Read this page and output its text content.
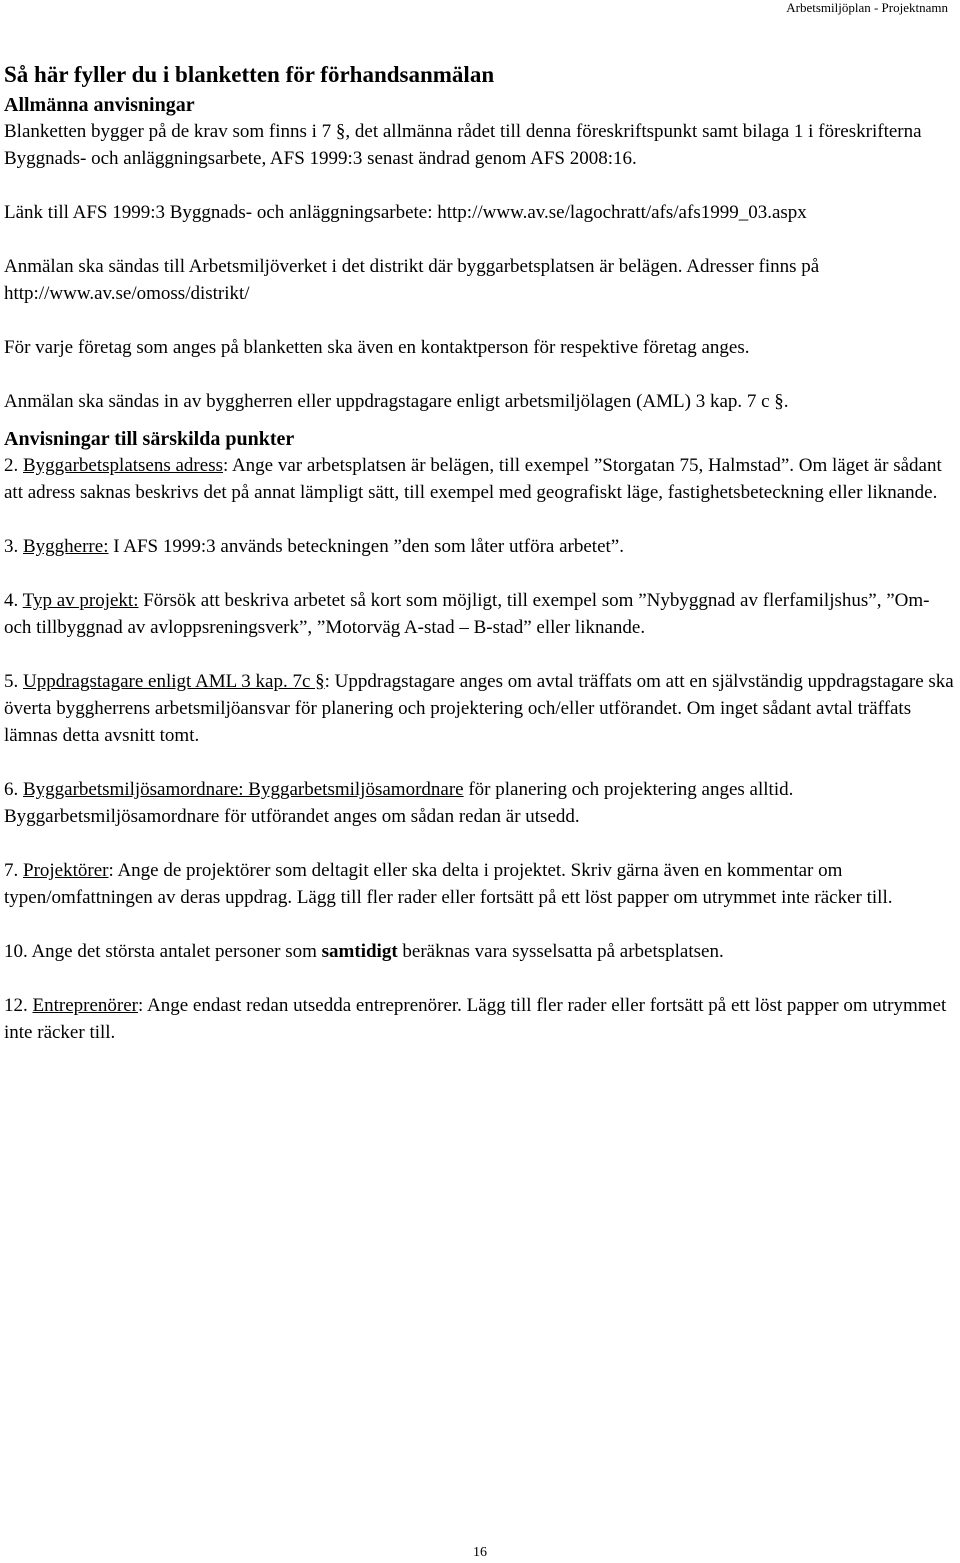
Arbetsmiljöplan - Projektnamn
Så här fyller du i blanketten för förhandsanmälan

Allmänna anvisningar

Blanketten bygger på de krav som finns i 7 §, det allmänna rådet till denna föreskriftspunkt samt bilaga 1 i föreskrifterna Byggnads- och anläggningsarbete, AFS 1999:3 senast ändrad genom AFS 2008:16.

Länk till AFS 1999:3 Byggnads- och anläggningsarbete: http://www.av.se/lagochratt/afs/afs1999_03.aspx

Anmälan ska sändas till Arbetsmiljöverket i det distrikt där byggarbetsplatsen är belägen. Adresser finns på http://www.av.se/omoss/distrikt/

För varje företag som anges på blanketten ska även en kontaktperson för respektive företag anges.

Anmälan ska sändas in av byggherren eller uppdragstagare enligt arbetsmiljölagen (AML) 3 kap. 7 c §.

Anvisningar till särskilda punkter

2. Byggarbetsplatsens adress: Ange var arbetsplatsen är belägen, till exempel ”Storgatan 75, Halmstad”. Om läget är sådant att adress saknas beskrivs det på annat lämpligt sätt, till exempel med geografiskt läge, fastighetsbeteckning eller liknande.

3. Byggherre: I AFS 1999:3 används beteckningen ”den som låter utföra arbetet”.

4. Typ av projekt: Försök att beskriva arbetet så kort som möjligt, till exempel som ”Nybyggnad av flerfamiljshus”, ”Om- och tillbyggnad av avloppsreningsverk”, ”Motorväg A-stad – B-stad” eller liknande.

5. Uppdragstagare enligt AML 3 kap. 7c §: Uppdragstagare anges om avtal träffats om att en självständig uppdragstagare ska överta byggherrens arbetsmiljöansvar för planering och projektering och/eller utförandet. Om inget sådant avtal träffats lämnas detta avsnitt tomt.

6. Byggarbetsmiljösamordnare: Byggarbetsmiljösamordnare för planering och projektering anges alltid. Byggarbetsmiljösamordnare för utförandet anges om sådan redan är utsedd.

7. Projektörer: Ange de projektörer som deltagit eller ska delta i projektet. Skriv gärna även en kommentar om typen/omfattningen av deras uppdrag. Lägg till fler rader eller fortsätt på ett löst papper om utrymmet inte räcker till.

10. Ange det största antalet personer som samtidigt beräknas vara sysselsatta på arbetsplatsen.

12. Entreprenörer: Ange endast redan utsedda entreprenörer. Lägg till fler rader eller fortsätt på ett löst papper om utrymmet inte räcker till.

16
